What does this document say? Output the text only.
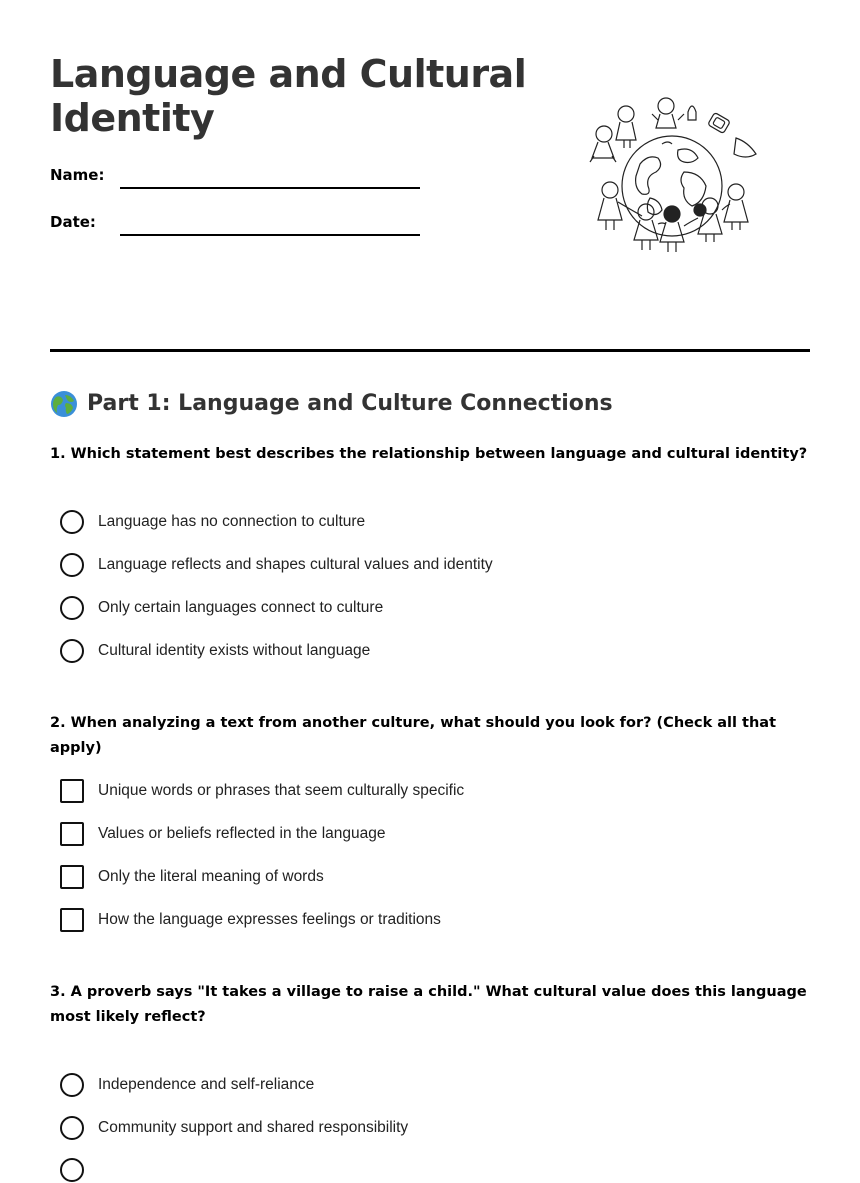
Language and Cultural Identity
Name:
Date:
Part 1: Language and Culture Connections

1. Which statement best describes the relationship between language and cultural identity?

Language has no connection to culture
Language reflects and shapes cultural values and identity
Only certain languages connect to culture
Cultural identity exists without language

2. When analyzing a text from another culture, what should you look for? (Check all that apply)

Unique words or phrases that seem culturally specific
Values or beliefs reflected in the language
Only the literal meaning of words
How the language expresses feelings or traditions

3. A proverb says "It takes a village to raise a child." What cultural value does this language most likely reflect?

Independence and self-reliance
Community support and shared responsibility
